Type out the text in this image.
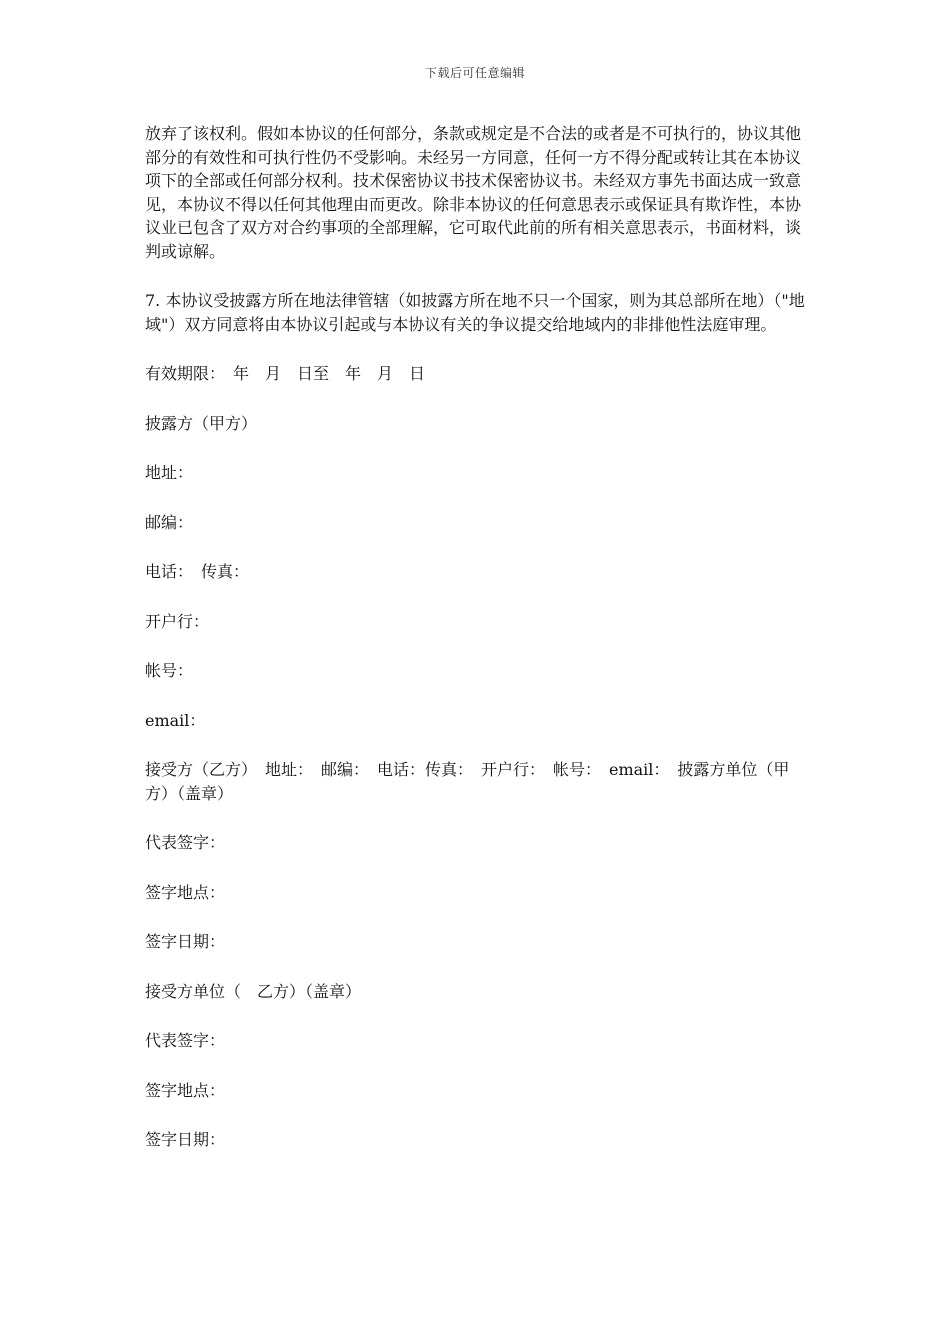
下载后可任意编辑

放弃了该权利。假如本协议的任何部分，条款或规定是不合法的或者是不可执行的，协议其他部分的有效性和可执行性仍不受影响。未经另一方同意，任何一方不得分配或转让其在本协议项下的全部或任何部分权利。技术保密协议书技术保密协议书。未经双方事先书面达成一致意见，本协议不得以任何其他理由而更改。除非本协议的任何意思表示或保证具有欺诈性，本协议业已包含了双方对合约事项的全部理解，它可取代此前的所有相关意思表示，书面材料，谈判或谅解。

7. 本协议受披露方所在地法律管辖（如披露方所在地不只一个国家，则为其总部所在地）（"地域"）双方同意将由本协议引起或与本协议有关的争议提交给地域内的非排他性法庭审理。

有效期限：　年　月　日至　年　月　日

披露方（甲方）

地址：

邮编：

电话：　传真：

开户行：

帐号：

email：

接受方（乙方）　地址：　邮编：　电话：传真：　开户行：　帐号：　email：　披露方单位（甲方）（盖章）

代表签字：

签字地点：

签字日期：

接受方单位（　乙方）（盖章）

代表签字：

签字地点：

签字日期：
